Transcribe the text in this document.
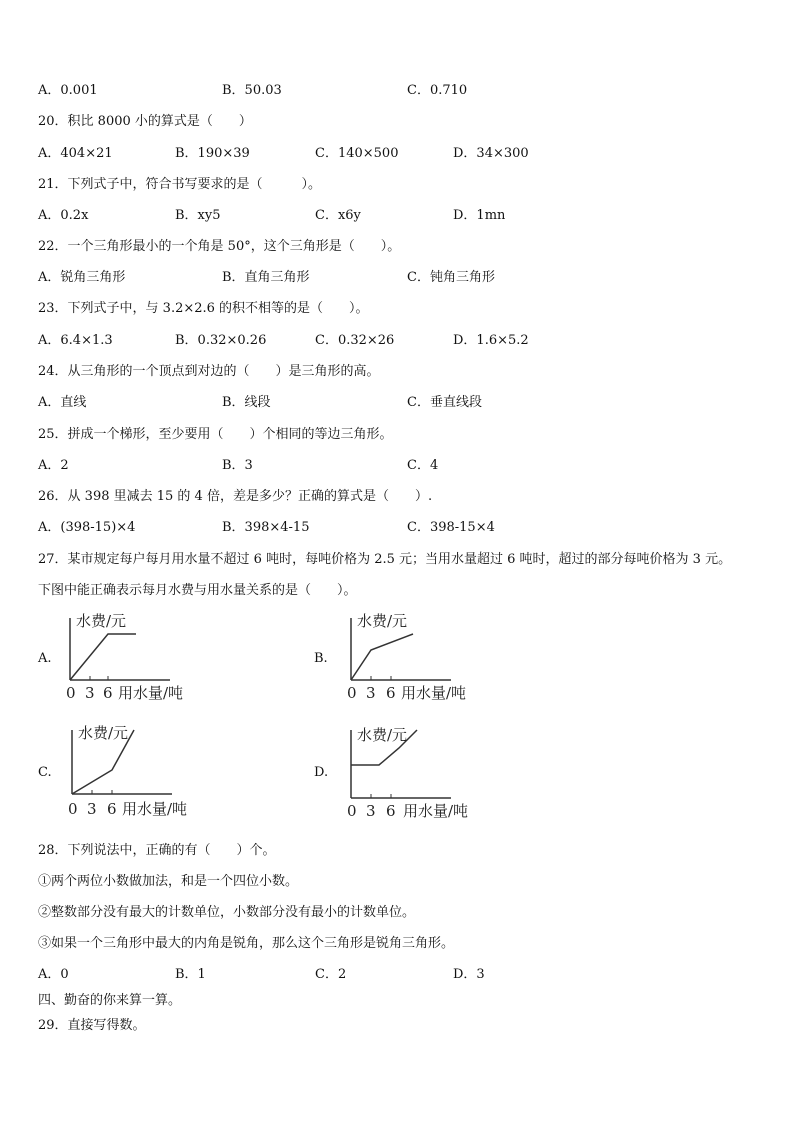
A．0.001	B．50.03	C．0.710
20．积比 8000 小的算式是（　　）
A．404×21	B．190×39	C．140×500	D．34×300
21．下列式子中，符合书写要求的是（　　　）。
A．0.2x	B．xy5	C．x6y	D．1mn
22．一个三角形最小的一个角是 50°，这个三角形是（　　）。
A．锐角三角形	B．直角三角形	C．钝角三角形
23．下列式子中，与 3.2×2.6 的积不相等的是（　　）。
A．6.4×1.3	B．0.32×0.26	C．0.32×26	D．1.6×5.2
24．从三角形的一个顶点到对边的（　　）是三角形的高。
A．直线	B．线段	C．垂直线段
25．拼成一个梯形，至少要用（　　）个相同的等边三角形。
A．2	B．3	C．4
26．从 398 里减去 15 的 4 倍，差是多少？正确的算式是（　　）.
A．(398-15)×4	B．398×4-15	C．398-15×4
27．某市规定每户每月用水量不超过 6 吨时，每吨价格为 2.5 元；当用水量超过 6 吨时，超过的部分每吨价格为 3 元。
下图中能正确表示每月水费与用水量关系的是（　　）。
A.
水费/元
0 3 6 用水量/吨
B.
水费/元
0 3 6 用水量/吨
C.
水费/元
0 3 6 用水量/吨
D.
水费/元
0 3 6 用水量/吨
28．下列说法中，正确的有（　　）个。
①两个两位小数做加法，和是一个四位小数。
②整数部分没有最大的计数单位，小数部分没有最小的计数单位。
③如果一个三角形中最大的内角是锐角，那么这个三角形是锐角三角形。
A．0	B．1	C．2	D．3
四、勤奋的你来算一算。
29．直接写得数。
